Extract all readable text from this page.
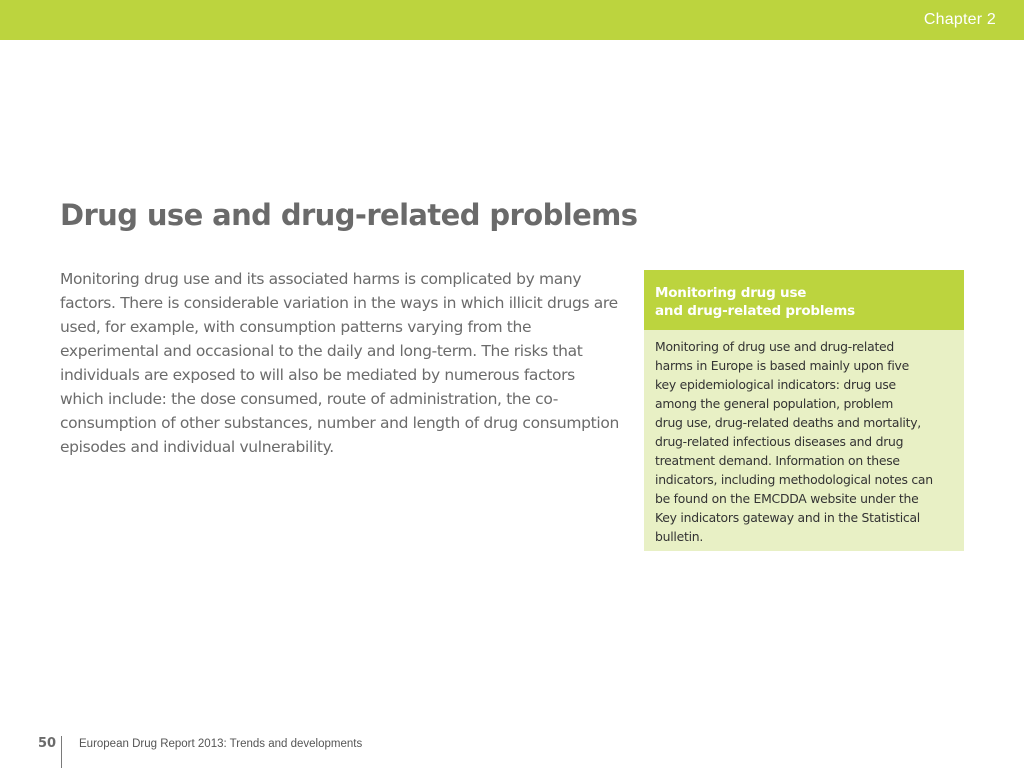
Chapter 2
Drug use and drug-related problems

Monitoring drug use and its associated harms is complicated by many factors. There is considerable variation in the ways in which illicit drugs are used, for example, with consumption patterns varying from the experimental and occasional to the daily and long-term. The risks that individuals are exposed to will also be mediated by numerous factors which include: the dose consumed, route of administration, the co-consumption of other substances, number and length of drug consumption episodes and individual vulnerability.

Monitoring drug use
and drug-related problems
Monitoring of drug use and drug-related
harms in Europe is based mainly upon five
key epidemiological indicators: drug use
among the general population, problem
drug use, drug-related deaths and mortality,
drug-related infectious diseases and drug
treatment demand. Information on these
indicators, including methodological notes can
be found on the EMCDDA website under the
Key indicators gateway and in the Statistical
bulletin.
50 European Drug Report 2013: Trends and developments
